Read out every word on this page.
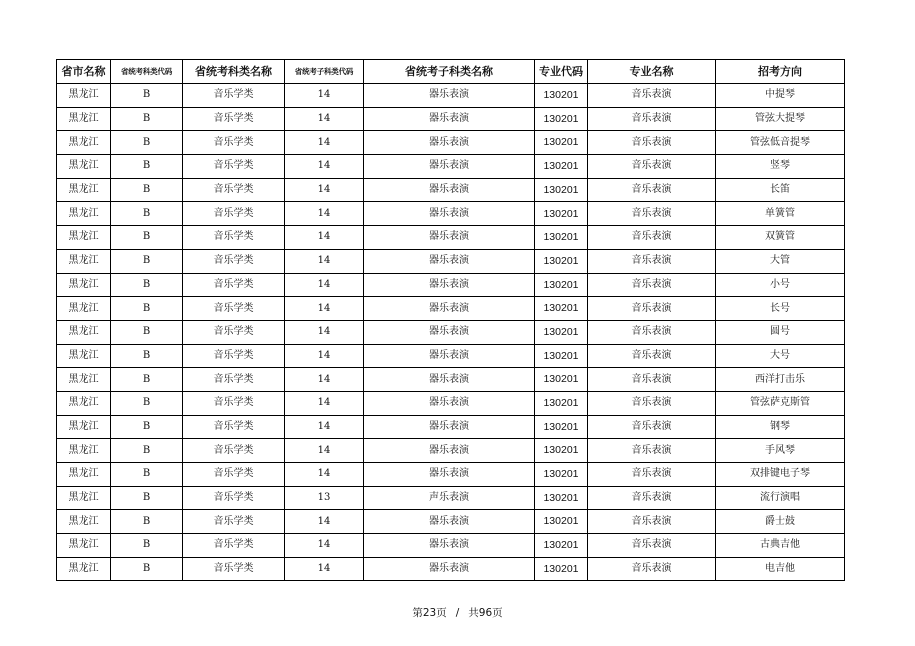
省市名称	省统考科类代码	省统考科类名称	省统考子科类代码	省统考子科类名称	专业代码	专业名称	招考方向
黑龙江	B	音乐学类	14	器乐表演	130201	音乐表演	中提琴
黑龙江	B	音乐学类	14	器乐表演	130201	音乐表演	管弦大提琴
黑龙江	B	音乐学类	14	器乐表演	130201	音乐表演	管弦低音提琴
黑龙江	B	音乐学类	14	器乐表演	130201	音乐表演	竖琴
黑龙江	B	音乐学类	14	器乐表演	130201	音乐表演	长笛
黑龙江	B	音乐学类	14	器乐表演	130201	音乐表演	单簧管
黑龙江	B	音乐学类	14	器乐表演	130201	音乐表演	双簧管
黑龙江	B	音乐学类	14	器乐表演	130201	音乐表演	大管
黑龙江	B	音乐学类	14	器乐表演	130201	音乐表演	小号
黑龙江	B	音乐学类	14	器乐表演	130201	音乐表演	长号
黑龙江	B	音乐学类	14	器乐表演	130201	音乐表演	圆号
黑龙江	B	音乐学类	14	器乐表演	130201	音乐表演	大号
黑龙江	B	音乐学类	14	器乐表演	130201	音乐表演	西洋打击乐
黑龙江	B	音乐学类	14	器乐表演	130201	音乐表演	管弦萨克斯管
黑龙江	B	音乐学类	14	器乐表演	130201	音乐表演	钢琴
黑龙江	B	音乐学类	14	器乐表演	130201	音乐表演	手风琴
黑龙江	B	音乐学类	14	器乐表演	130201	音乐表演	双排键电子琴
黑龙江	B	音乐学类	13	声乐表演	130201	音乐表演	流行演唱
黑龙江	B	音乐学类	14	器乐表演	130201	音乐表演	爵士鼓
黑龙江	B	音乐学类	14	器乐表演	130201	音乐表演	古典吉他
黑龙江	B	音乐学类	14	器乐表演	130201	音乐表演	电吉他
第23页 / 共96页
